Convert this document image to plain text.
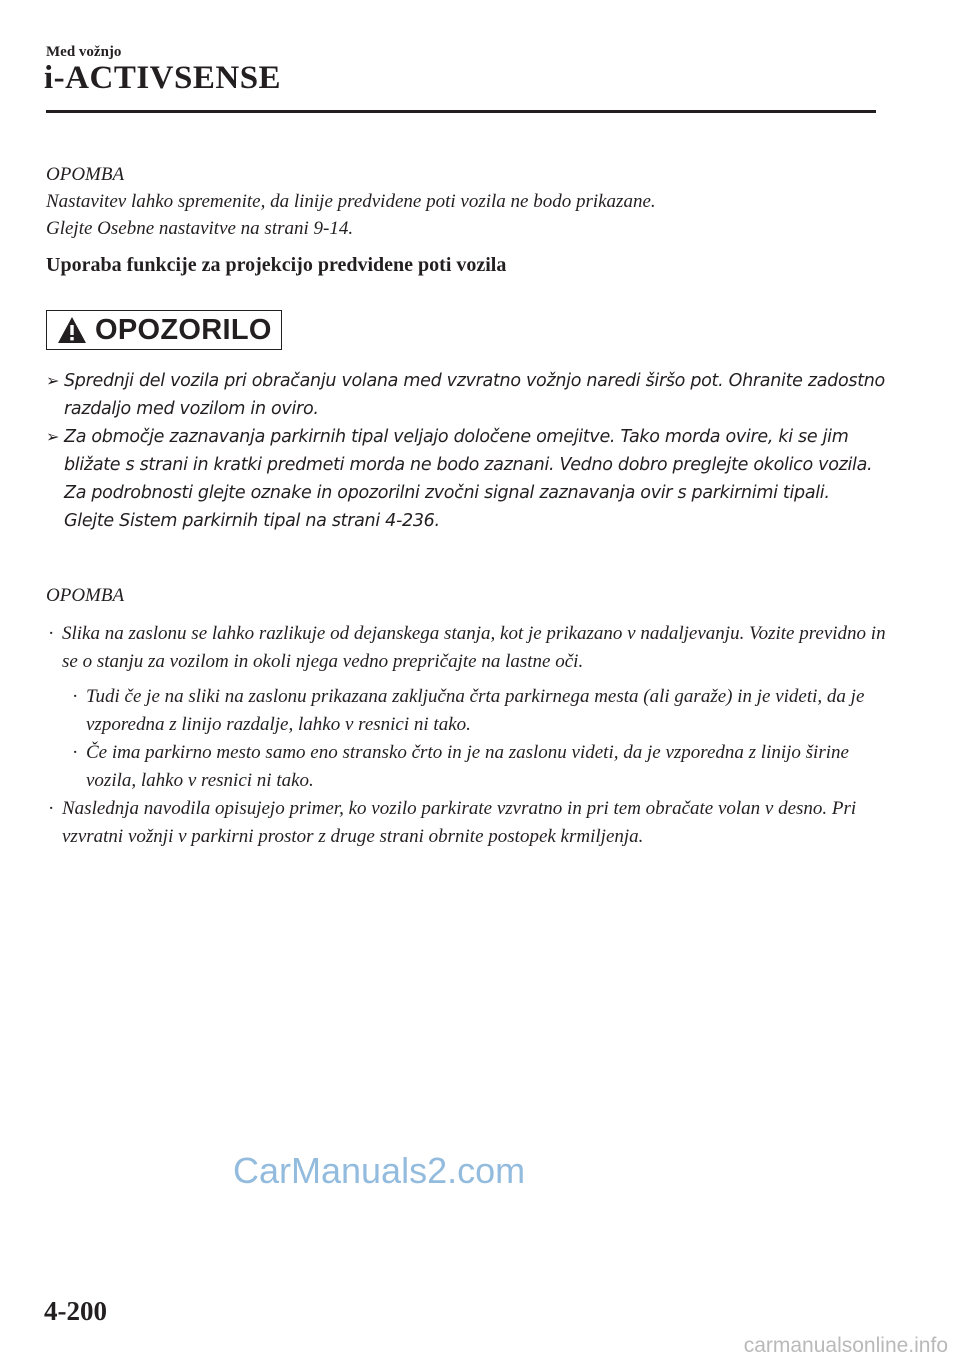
Med vožnjo
i-ACTIVSENSE
OPOMBA
Nastavitev lahko spremenite, da linije predvidene poti vozila ne bodo prikazane.
Glejte Osebne nastavitve na strani 9-14.
Uporaba funkcije za projekcijo predvidene poti vozila
OPOZORILO
➢ Sprednji del vozila pri obračanju volana med vzvratno vožnjo naredi širšo pot. Ohranite zadostno razdaljo med vozilom in oviro.
➢ Za območje zaznavanja parkirnih tipal veljajo določene omejitve. Tako morda ovire, ki se jim bližate s strani in kratki predmeti morda ne bodo zaznani. Vedno dobro preglejte okolico vozila.
Za podrobnosti glejte oznake in opozorilni zvočni signal zaznavanja ovir s parkirnimi tipali.
Glejte Sistem parkirnih tipal na strani 4-236.
OPOMBA
· Slika na zaslonu se lahko razlikuje od dejanskega stanja, kot je prikazano v nadaljevanju. Vozite previdno in se o stanju za vozilom in okoli njega vedno prepričajte na lastne oči.
· Tudi če je na sliki na zaslonu prikazana zaključna črta parkirnega mesta (ali garaže) in je videti, da je vzporedna z linijo razdalje, lahko v resnici ni tako.
· Če ima parkirno mesto samo eno stransko črto in je na zaslonu videti, da je vzporedna z linijo širine vozila, lahko v resnici ni tako.
· Naslednja navodila opisujejo primer, ko vozilo parkirate vzvratno in pri tem obračate volan v desno. Pri vzvratni vožnji v parkirni prostor z druge strani obrnite postopek krmiljenja.
CarManuals2.com
4-200
carmanualsonline.info
